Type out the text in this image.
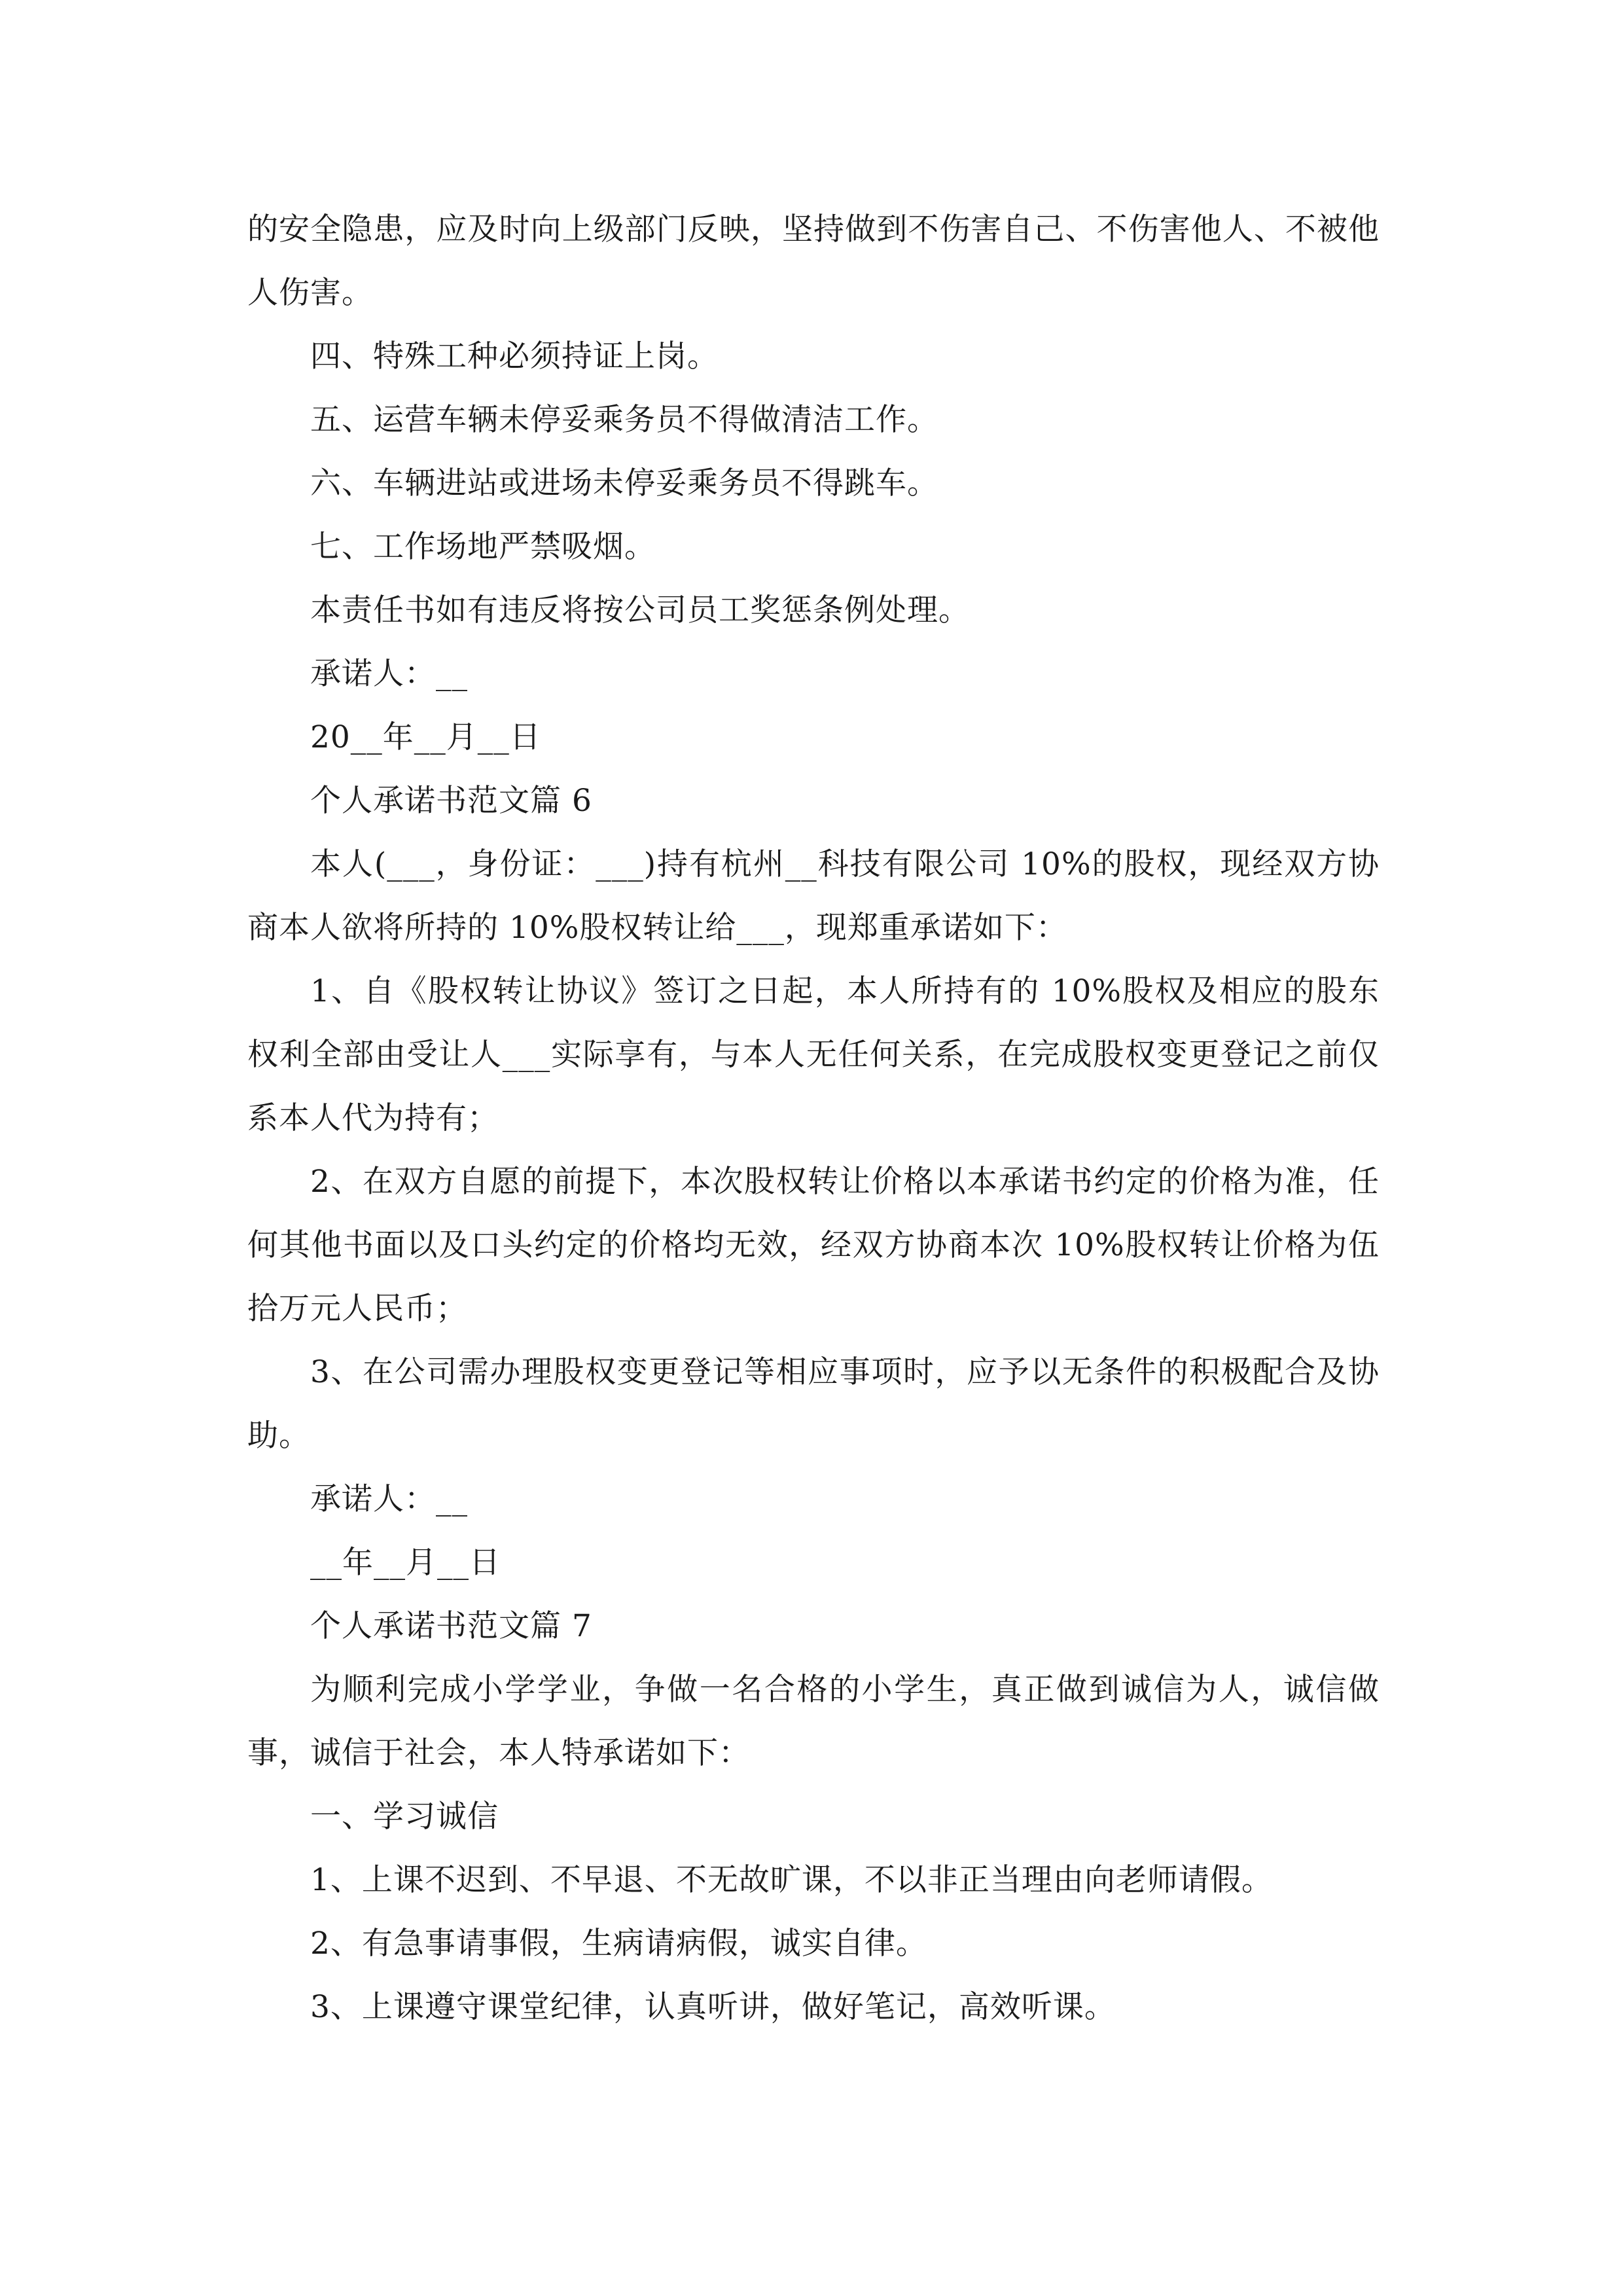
的安全隐患，应及时向上级部门反映，坚持做到不伤害自己、不伤害他人、不被他人伤害。

四、特殊工种必须持证上岗。

五、运营车辆未停妥乘务员不得做清洁工作。

六、车辆进站或进场未停妥乘务员不得跳车。

七、工作场地严禁吸烟。

本责任书如有违反将按公司员工奖惩条例处理。

承诺人：__

20__年__月__日

个人承诺书范文篇 6

本人(___，身份证：___)持有杭州__科技有限公司 10%的股权，现经双方协商本人欲将所持的 10%股权转让给___，现郑重承诺如下：

1、自《股权转让协议》签订之日起，本人所持有的 10%股权及相应的股东权利全部由受让人___实际享有，与本人无任何关系，在完成股权变更登记之前仅系本人代为持有；

2、在双方自愿的前提下，本次股权转让价格以本承诺书约定的价格为准，任何其他书面以及口头约定的价格均无效，经双方协商本次 10%股权转让价格为伍拾万元人民币；

3、在公司需办理股权变更登记等相应事项时，应予以无条件的积极配合及协助。

承诺人：__

__年__月__日

个人承诺书范文篇 7

为顺利完成小学学业，争做一名合格的小学生，真正做到诚信为人，诚信做事，诚信于社会，本人特承诺如下：

一、学习诚信

1、上课不迟到、不早退、不无故旷课，不以非正当理由向老师请假。

2、有急事请事假，生病请病假，诚实自律。

3、上课遵守课堂纪律，认真听讲，做好笔记，高效听课。
